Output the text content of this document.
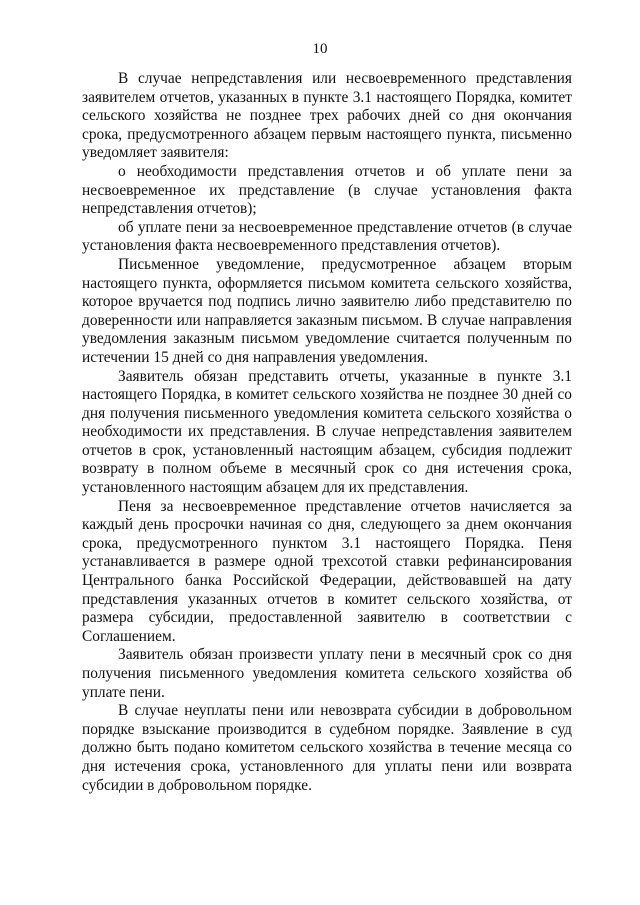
10

В случае непредставления или несвоевременного представления заявителем отчетов, указанных в пункте 3.1 настоящего Порядка, комитет сельского хозяйства не позднее трех рабочих дней со дня окончания срока, предусмотренного абзацем первым настоящего пункта, письменно уведомляет заявителя:

о необходимости представления отчетов и об уплате пени за несвоевременное их представление (в случае установления факта непредставления отчетов);

об уплате пени за несвоевременное представление отчетов (в случае установления факта несвоевременного представления отчетов).

Письменное уведомление, предусмотренное абзацем вторым настоящего пункта, оформляется письмом комитета сельского хозяйства, которое вручается под подпись лично заявителю либо представителю по доверенности или направляется заказным письмом. В случае направления уведомления заказным письмом уведомление считается полученным по истечении 15 дней со дня направления уведомления.

Заявитель обязан представить отчеты, указанные в пункте 3.1 настоящего Порядка, в комитет сельского хозяйства не позднее 30 дней со дня получения письменного уведомления комитета сельского хозяйства о необходимости их представления. В случае непредставления заявителем отчетов в срок, установленный настоящим абзацем, субсидия подлежит возврату в полном объеме в месячный срок со дня истечения срока, установленного настоящим абзацем для их представления.

Пеня за несвоевременное представление отчетов начисляется за каждый день просрочки начиная со дня, следующего за днем окончания срока, предусмотренного пунктом 3.1 настоящего Порядка. Пеня устанавливается в размере одной трехсотой ставки рефинансирования Центрального банка Российской Федерации, действовавшей на дату представления указанных отчетов в комитет сельского хозяйства, от размера субсидии, предоставленной заявителю в соответствии с Соглашением.

Заявитель обязан произвести уплату пени в месячный срок со дня получения письменного уведомления комитета сельского хозяйства об уплате пени.

В случае неуплаты пени или невозврата субсидии в добровольном порядке взыскание производится в судебном порядке. Заявление в суд должно быть подано комитетом сельского хозяйства в течение месяца со дня истечения срока, установленного для уплаты пени или возврата субсидии в добровольном порядке.
